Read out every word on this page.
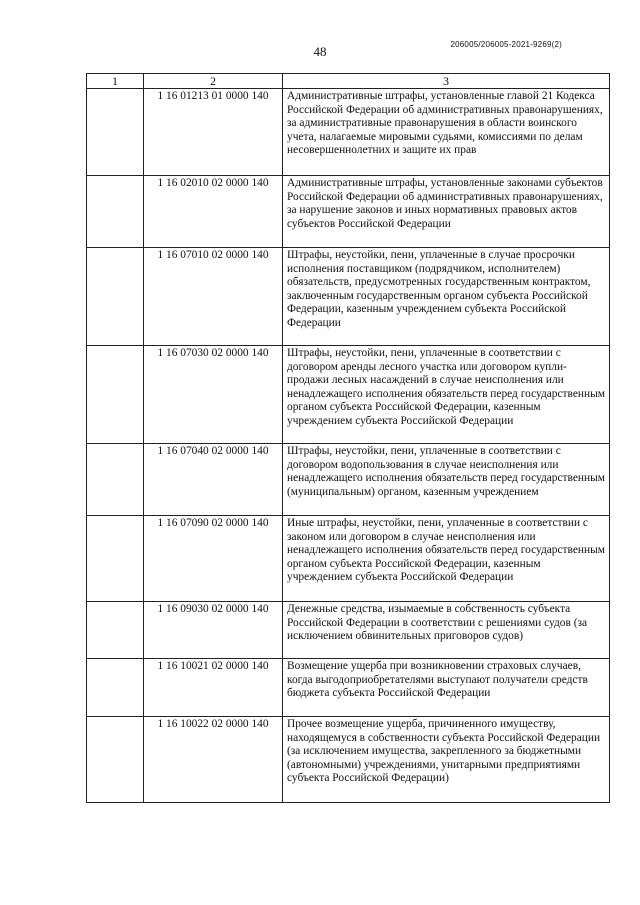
48	206005/206005-2021-9269(2)
1	2	3
	1 16 01213 01 0000 140	Административные штрафы, установленные главой 21 Кодекса Российской Федерации об административных правонарушениях, за административные правонарушения в области воинского учета, налагаемые мировыми судьями, комиссиями по делам несовершеннолетних и защите их прав
	1 16 02010 02 0000 140	Административные штрафы, установленные законами субъектов Российской Федерации об административных правонарушениях, за нарушение законов и иных нормативных правовых актов субъектов Российской Федерации
	1 16 07010 02 0000 140	Штрафы, неустойки, пени, уплаченные в случае просрочки исполнения поставщиком (подрядчиком, исполнителем) обязательств, предусмотренных государственным контрактом, заключенным государственным органом субъекта Российской Федерации, казенным учреждением субъекта Российской Федерации
	1 16 07030 02 0000 140	Штрафы, неустойки, пени, уплаченные в соответствии с договором аренды лесного участка или договором купли-продажи лесных насаждений в случае неисполнения или ненадлежащего исполнения обязательств перед государственным органом субъекта Российской Федерации, казенным учреждением субъекта Российской Федерации
	1 16 07040 02 0000 140	Штрафы, неустойки, пени, уплаченные в соответствии с договором водопользования в случае неисполнения или ненадлежащего исполнения обязательств перед государственным (муниципальным) органом, казенным учреждением
	1 16 07090 02 0000 140	Иные штрафы, неустойки, пени, уплаченные в соответствии с законом или договором в случае неисполнения или ненадлежащего исполнения обязательств перед государственным органом субъекта Российской Федерации, казенным учреждением субъекта Российской Федерации
	1 16 09030 02 0000 140	Денежные средства, изымаемые в собственность субъекта Российской Федерации в соответствии с решениями судов (за исключением обвинительных приговоров судов)
	1 16 10021 02 0000 140	Возмещение ущерба при возникновении страховых случаев, когда выгодоприобретателями выступают получатели средств бюджета субъекта Российской Федерации
	1 16 10022 02 0000 140	Прочее возмещение ущерба, причиненного имуществу, находящемуся в собственности субъекта Российской Федерации (за исключением имущества, закрепленного за бюджетными (автономными) учреждениями, унитарными предприятиями субъекта Российской Федерации)
